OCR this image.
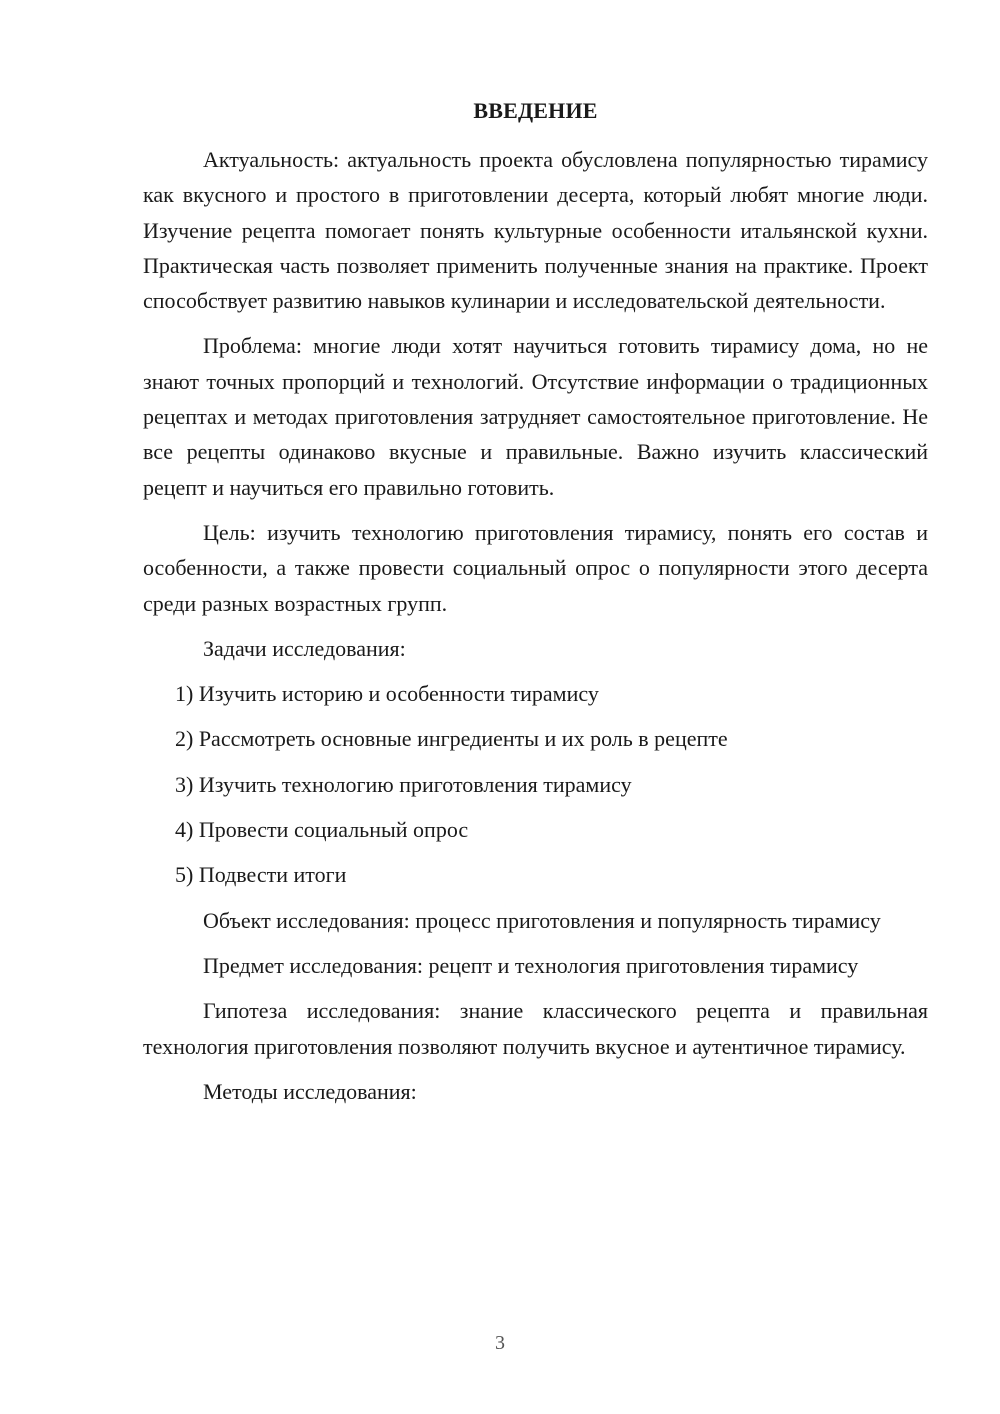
ВВЕДЕНИЕ

Актуальность: актуальность проекта обусловлена популярностью тирамису как вкусного и простого в приготовлении десерта, который любят многие люди. Изучение рецепта помогает понять культурные особенности итальянской кухни. Практическая часть позволяет применить полученные знания на практике. Проект способствует развитию навыков кулинарии и исследовательской деятельности.

Проблема: многие люди хотят научиться готовить тирамису дома, но не знают точных пропорций и технологий. Отсутствие информации о традиционных рецептах и методах приготовления затрудняет самостоятельное приготовление. Не все рецепты одинаково вкусные и правильные. Важно изучить классический рецепт и научиться его правильно готовить.

Цель: изучить технологию приготовления тирамису, понять его состав и особенности, а также провести социальный опрос о популярности этого десерта среди разных возрастных групп.

Задачи исследования:

1) Изучить историю и особенности тирамису
2) Рассмотреть основные ингредиенты и их роль в рецепте
3) Изучить технологию приготовления тирамису
4) Провести социальный опрос
5) Подвести итоги

Объект исследования: процесс приготовления и популярность тирамису

Предмет исследования: рецепт и технология приготовления тирамису

Гипотеза исследования: знание классического рецепта и правильная технология приготовления позволяют получить вкусное и аутентичное тирамису.

Методы исследования:

3
